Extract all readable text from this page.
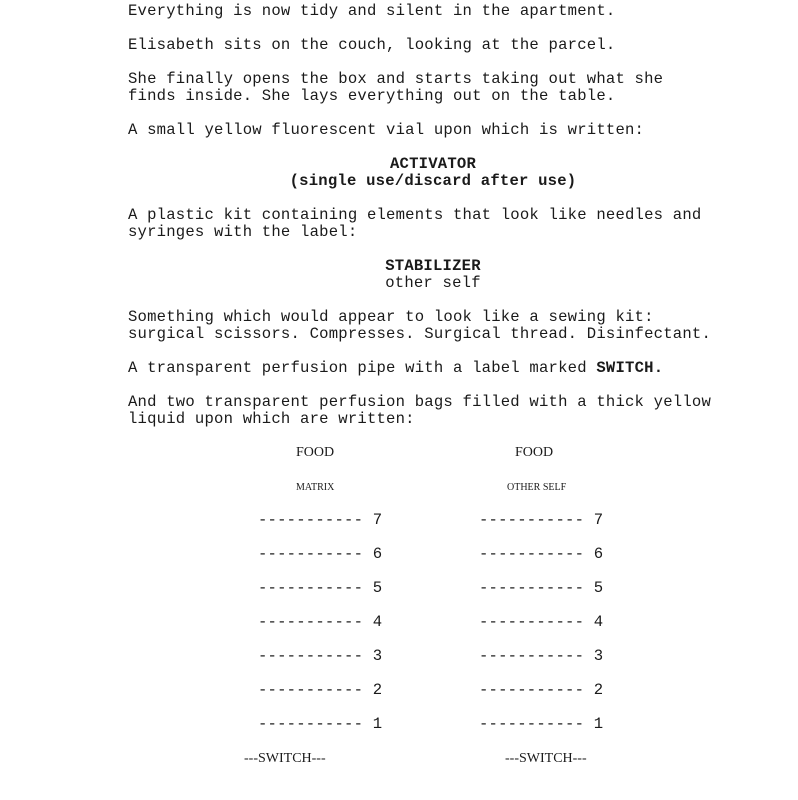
Everything is now tidy and silent in the apartment.
Elisabeth sits on the couch, looking at the parcel.
She finally opens the box and starts taking out what she
finds inside. She lays everything out on the table.
A small yellow fluorescent vial upon which is written:
ACTIVATOR
(single use/discard after use)
A plastic kit containing elements that look like needles and
syringes with the label:
STABILIZER
other self
Something which would appear to look like a sewing kit:
surgical scissors. Compresses. Surgical thread. Disinfectant.
A transparent perfusion pipe with a label marked SWITCH.
And two transparent perfusion bags filled with a thick yellow
liquid upon which are written:
FOOD
MATRIX
----------- 7
----------- 6
----------- 5
----------- 4
----------- 3
----------- 2
----------- 1
---SWITCH---
FOOD
OTHER SELF
----------- 7
----------- 6
----------- 5
----------- 4
----------- 3
----------- 2
----------- 1
---SWITCH---
